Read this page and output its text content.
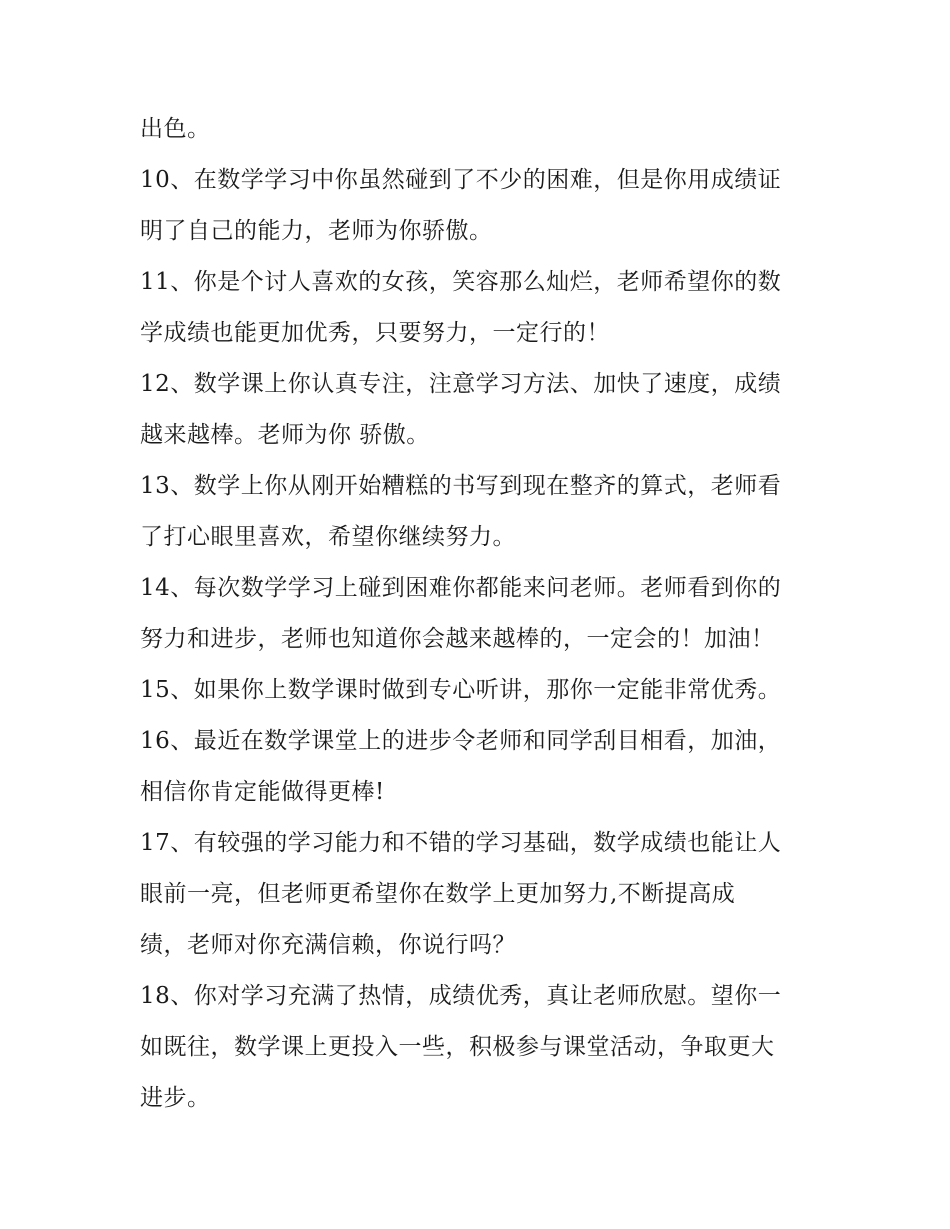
出色。
10、在数学学习中你虽然碰到了不少的困难，但是你用成绩证
明了自己的能力，老师为你骄傲。
11、你是个讨人喜欢的女孩，笑容那么灿烂，老师希望你的数
学成绩也能更加优秀，只要努力，一定行的！
12、数学课上你认真专注，注意学习方法、加快了速度，成绩
越来越棒。老师为你 骄傲。
13、数学上你从刚开始糟糕的书写到现在整齐的算式，老师看
了打心眼里喜欢，希望你继续努力。
14、每次数学学习上碰到困难你都能来问老师。老师看到你的
努力和进步，老师也知道你会越来越棒的，一定会的！加油！
15、如果你上数学课时做到专心听讲，那你一定能非常优秀。
16、最近在数学课堂上的进步令老师和同学刮目相看，加油，
相信你肯定能做得更棒!
17、有较强的学习能力和不错的学习基础，数学成绩也能让人
眼前一亮，但老师更希望你在数学上更加努力,不断提高成
绩，老师对你充满信赖，你说行吗？
18、你对学习充满了热情，成绩优秀，真让老师欣慰。望你一
如既往，数学课上更投入一些，积极参与课堂活动，争取更大
进步。
